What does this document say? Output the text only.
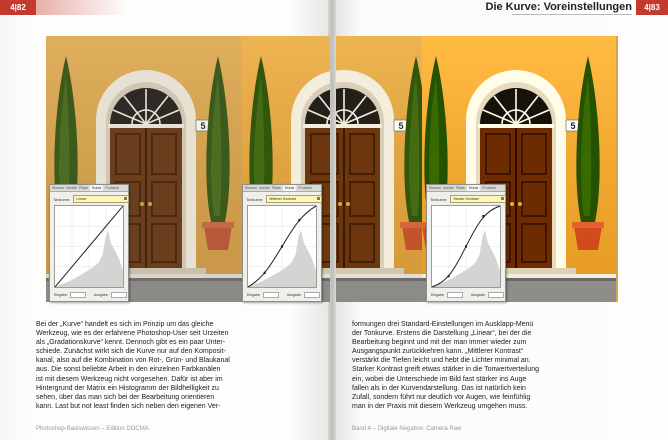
4|82
Bei der „Kurve“ handelt es sich im Prinzip um das gleiche
Werkzeug, wie es der erfahrene Photoshop-User seit Urzeiten
als „Gradationskurve“ kennt. Dennoch gibt es ein paar Unter-
schiede. Zunächst wirkt sich die Kurve nur auf den Komposit-
kanal, also auf die Kombination von Rot-, Grün- und Blaukanal
aus. Die sonst beliebte Arbeit in den einzelnen Farbkanälen
ist mit diesem Werkzeug nicht vorgesehen. Dafür ist aber im
Hintergrund der Matrix ein Histogramm der Bildhelligkeit zu
sehen, über das man sich bei der Bearbeitung orientieren
kann. Last but not least finden sich neben den eigenen Ver-
Photoshop-Basiswissen – Edition DOCMA
Die Kurve: Voreinstellungen	4|83
formungen drei Standard-Einstellungen im Ausklapp-Menü
der Tonkurve. Erstens die Darstellung „Linear“, bei der die
Bearbeitung beginnt und mit der man immer wieder zum
Ausgangspunkt zurückkehren kann. „Mittlerer Kontrast“
verstärkt die Tiefen leicht und hebt die Lichter minimal an.
Starker Kontrast greift etwas stärker in die Tonwertverteilung
ein, wobei die Unterschiede im Bild fast stärker ins Auge
fallen als in der Kurvendarstellung. Das ist natürlich kein
Zufall, sondern führt nur deutlich vor Augen, wie feinfühlig
man in der Praxis mit diesem Werkzeug umgehen muss.
Band 4 – Digitale Negative: Camera Raw
Ebenen Kanäle Pfade	Kurve	Protokoll
Tonkurve:	Linear
Eingabe:	Ausgabe:
Ebenen Kanäle Pfade	Kurve	Protokoll
Tonkurve:	Mittlerer Kontrast
Eingabe:	Ausgabe:
Ebenen Kanäle Pfade	Kurve	Protokoll
Tonkurve:	Starker Kontrast
Eingabe:	Ausgabe:
